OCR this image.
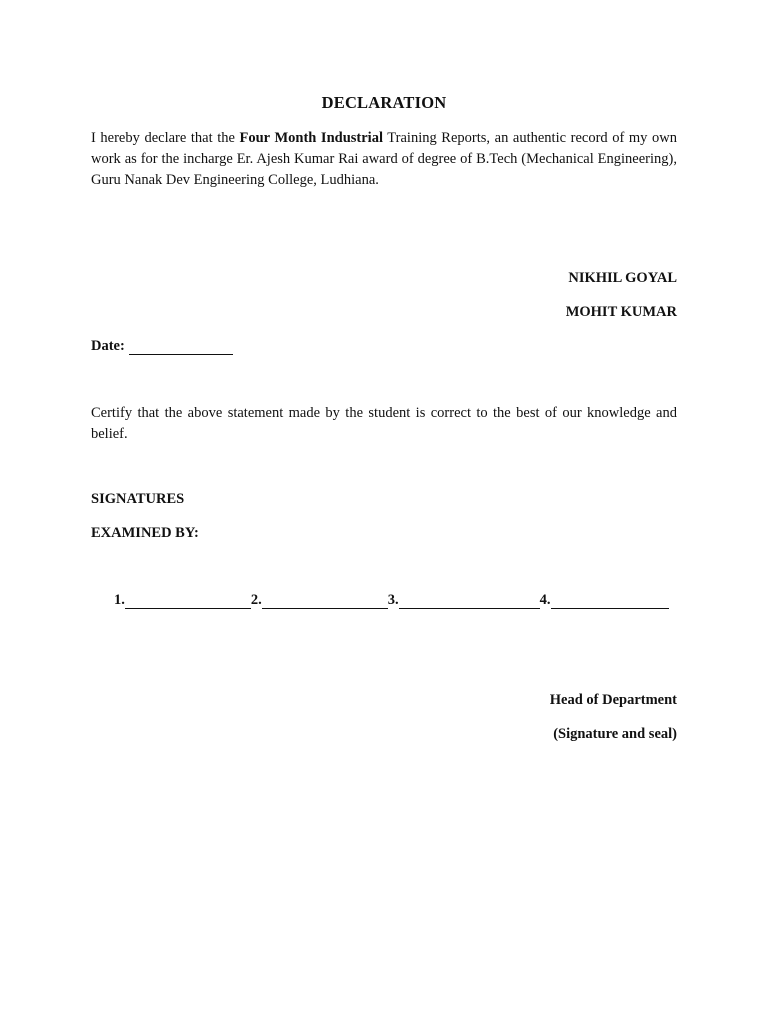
DECLARATION

I hereby declare that the Four Month Industrial Training Reports, an authentic record of my own work as for the incharge Er. Ajesh Kumar Rai award of degree of B.Tech (Mechanical Engineering), Guru Nanak Dev Engineering College, Ludhiana.

NIKHIL GOYAL
MOHIT KUMAR
Date:

Certify that the above statement made by the student is correct to the best of our knowledge and belief.

SIGNATURES
EXAMINED BY:
1.	2.	3.	4.
Head of Department
(Signature and seal)
